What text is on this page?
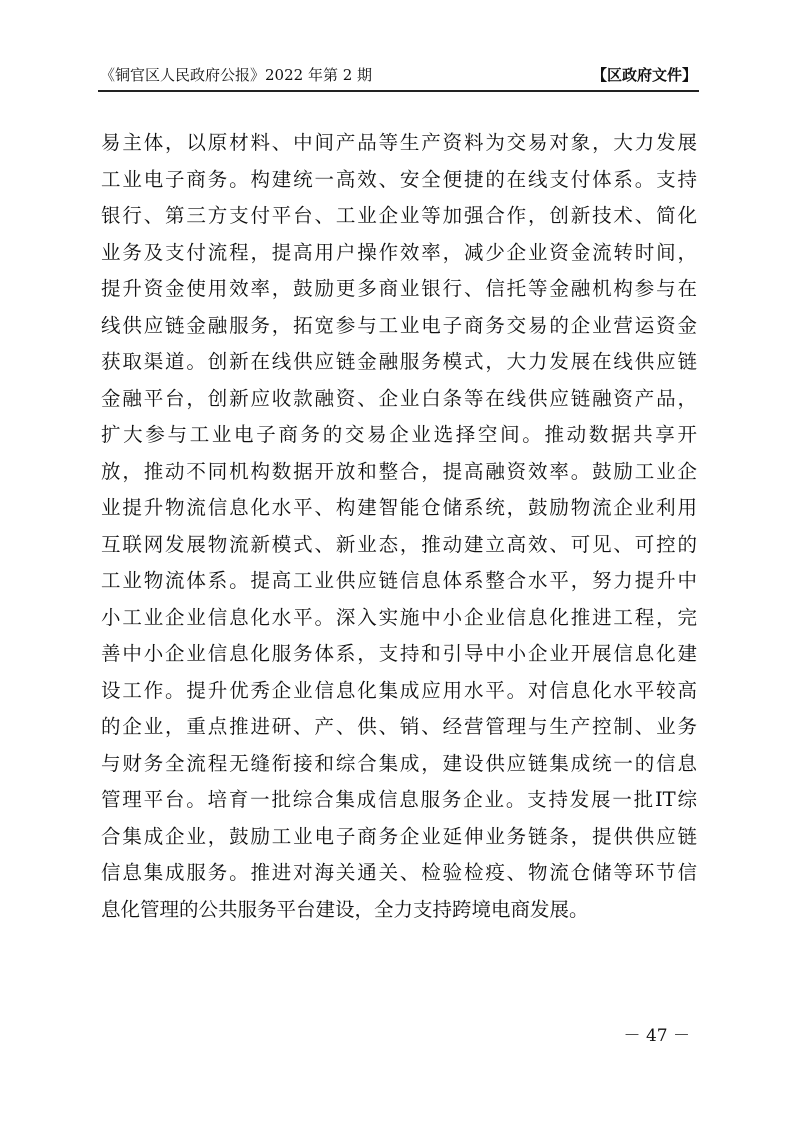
《铜官区人民政府公报》2022 年第 2 期	【区政府文件】
易主体，以原材料、中间产品等生产资料为交易对象，大力发展
工业电子商务。构建统一高效、安全便捷的在线支付体系。支持
银行、第三方支付平台、工业企业等加强合作，创新技术、简化
业务及支付流程，提高用户操作效率，减少企业资金流转时间，
提升资金使用效率，鼓励更多商业银行、信托等金融机构参与在
线供应链金融服务，拓宽参与工业电子商务交易的企业营运资金
获取渠道。创新在线供应链金融服务模式，大力发展在线供应链
金融平台，创新应收款融资、企业白条等在线供应链融资产品，
扩大参与工业电子商务的交易企业选择空间。推动数据共享开
放，推动不同机构数据开放和整合，提高融资效率。鼓励工业企
业提升物流信息化水平、构建智能仓储系统，鼓励物流企业利用
互联网发展物流新模式、新业态，推动建立高效、可见、可控的
工业物流体系。提高工业供应链信息体系整合水平，努力提升中
小工业企业信息化水平。深入实施中小企业信息化推进工程，完
善中小企业信息化服务体系，支持和引导中小企业开展信息化建
设工作。提升优秀企业信息化集成应用水平。对信息化水平较高
的企业，重点推进研、产、供、销、经营管理与生产控制、业务
与财务全流程无缝衔接和综合集成，建设供应链集成统一的信息
管理平台。培育一批综合集成信息服务企业。支持发展一批IT综
合集成企业，鼓励工业电子商务企业延伸业务链条，提供供应链
信息集成服务。推进对海关通关、检验检疫、物流仓储等环节信
息化管理的公共服务平台建设，全力支持跨境电商发展。
－ 47 －
